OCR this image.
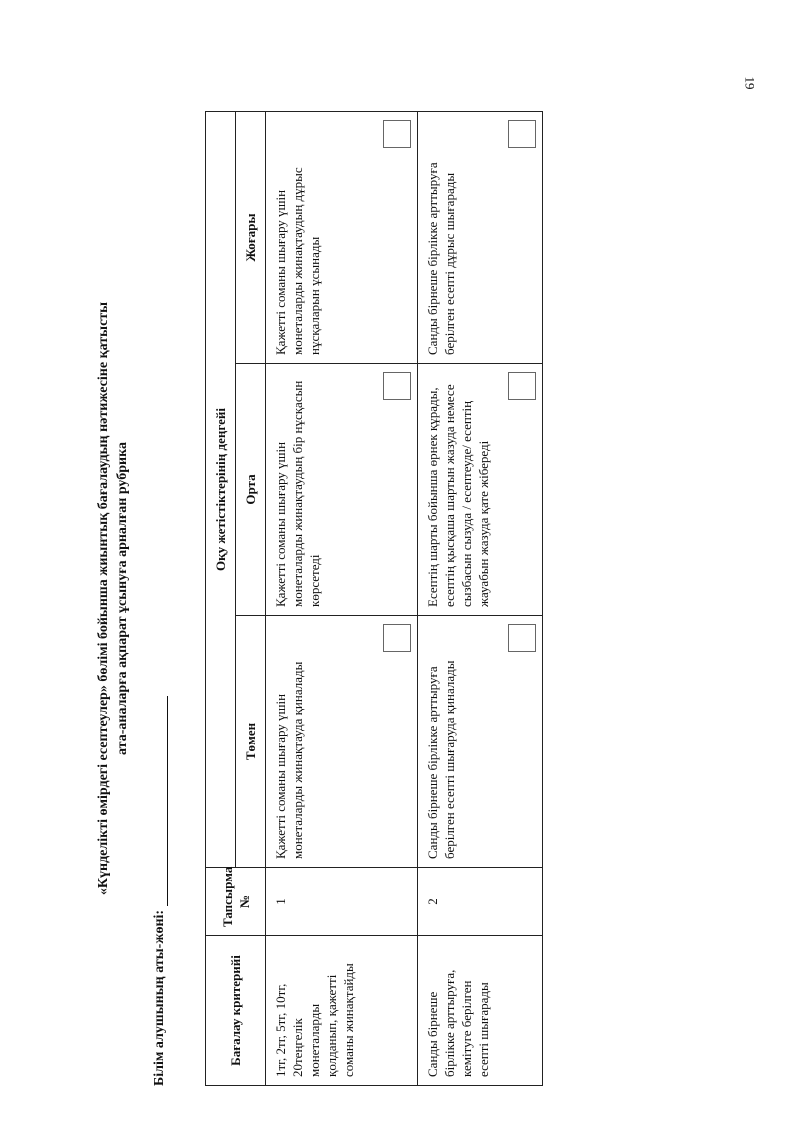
19
«Күнделікті өмірдегі есептеулер» бөлімі бойынша жиынтық бағалаудың нәтижесіне қатысты ата-аналарға ақпарат ұсынуға арналған рубрика
Білім алушының аты-жөні:	Бағалау критерийі	Тапсырма №	Оқу жетістіктерінің деңгейі		
		Төмен	Орта	Жоғары
1тг, 2тг, 5тг, 10тг, 20теңгелік монеталарды қолданып, қажетті соманы жинақтайды	1	Қажетті соманы шығару үшін монеталарды жинақтауда қиналады	Қажетті соманы шығару үшін монеталарды жинақтаудың бір нұсқасын көрсетеді	Қажетті соманы шығару үшін монеталарды жинақтаудың дұрыс нұсқаларын ұсынады

Санды бірнеше бірлікке арттыруға, кемітуге берілген есепті шығарады	2	Санды бірнеше бірлікке арттыруға берілген есепті шығаруда қиналады	Есептің шарты бойынша өрнек құрады, есептің қысқаша шартын жазуда немесе сызбасын сызуда / есептеуде/ есептің жауабын жазуда қате жібереді	Санды бірнеше бірлікке арттыруға берілген есепті дұрыс шығарады
